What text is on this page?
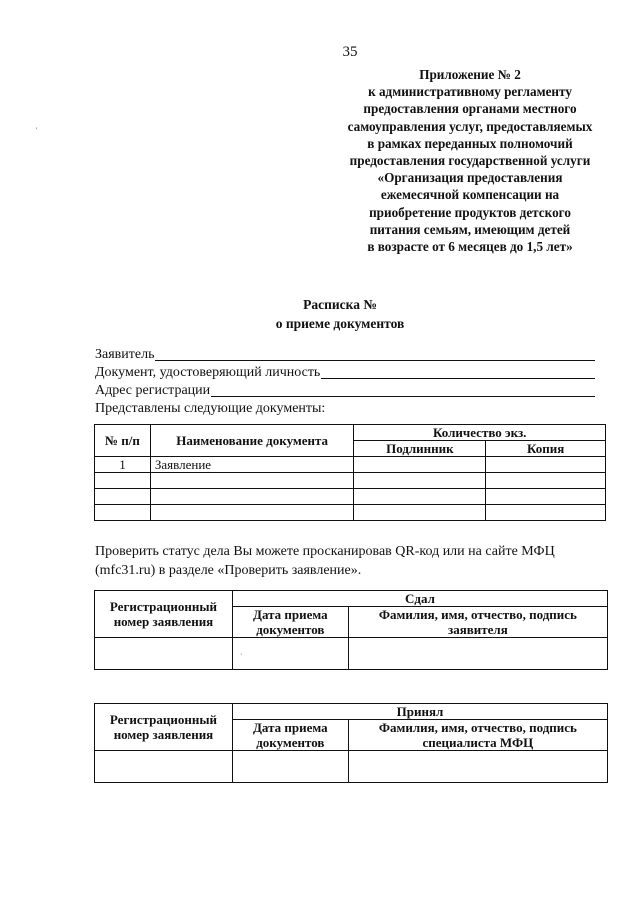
35
Приложение № 2
к административному регламенту
предоставления органами местного
самоуправления услуг, предоставляемых
в рамках переданных полномочий
предоставления государственной услуги
«Организация предоставления
ежемесячной компенсации на
приобретение продуктов детского
питания семьям, имеющим детей
в возрасте от 6 месяцев до 1,5 лет»
Расписка №
о приеме документов
Заявитель
Документ, удостоверяющий личность
Адрес регистрации
Представлены следующие документы:
№ п/п	Наименование документа	Количество экз.	
		Подлинник	Копия
1	Заявление		

Проверить статус дела Вы можете просканировав QR-код или на сайте МФЦ (mfc31.ru) в разделе «Проверить заявление».
Регистрационный номер заявления	Сдал	
	Дата приема документов	Фамилия, имя, отчество, подпись заявителя

Регистрационный номер заявления	Принял	
	Дата приема документов	Фамилия, имя, отчество, подпись специалиста МФЦ

'
·
